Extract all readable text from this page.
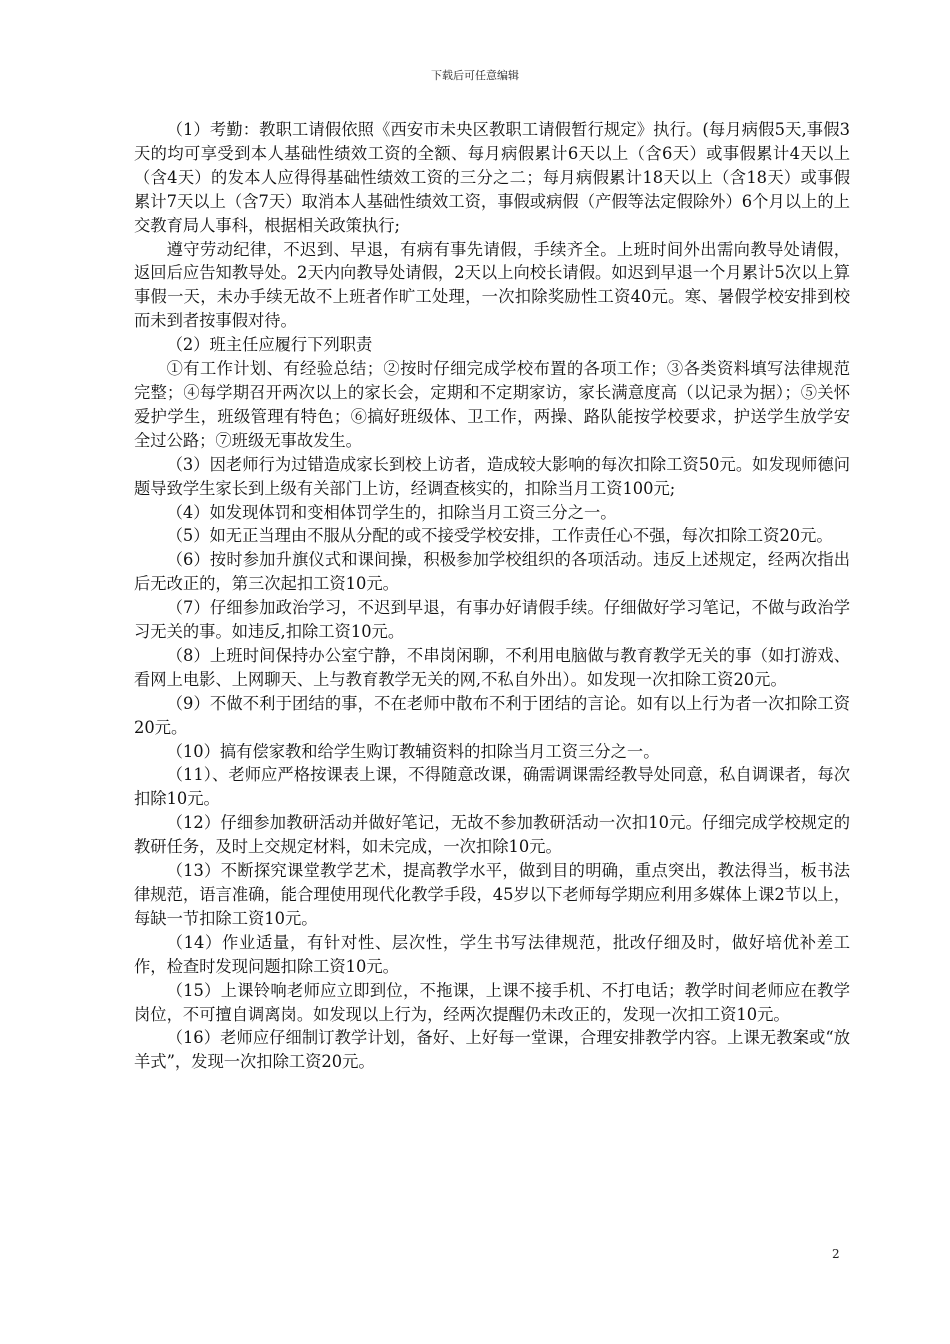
下载后可任意编辑

（1）考勤：教职工请假依照《西安市未央区教职工请假暂行规定》执行。(每月病假5天,事假3天的均可享受到本人基础性绩效工资的全额、每月病假累计6天以上（含6天）或事假累计4天以上（含4天）的发本人应得得基础性绩效工资的三分之二；每月病假累计18天以上（含18天）或事假累计7天以上（含7天）取消本人基础性绩效工资，事假或病假（产假等法定假除外）6个月以上的上交教育局人事科，根据相关政策执行;

遵守劳动纪律，不迟到、早退，有病有事先请假，手续齐全。上班时间外出需向教导处请假，返回后应告知教导处。2天内向教导处请假，2天以上向校长请假。如迟到早退一个月累计5次以上算事假一天，未办手续无故不上班者作旷工处理，一次扣除奖励性工资40元。寒、暑假学校安排到校而未到者按事假对待。

（2）班主任应履行下列职责

①有工作计划、有经验总结；②按时仔细完成学校布置的各项工作；③各类资料填写法律规范完整；④每学期召开两次以上的家长会，定期和不定期家访，家长满意度高（以记录为据）；⑤关怀爱护学生，班级管理有特色；⑥搞好班级体、卫工作，两操、路队能按学校要求，护送学生放学安全过公路；⑦班级无事故发生。

（3）因老师行为过错造成家长到校上访者，造成较大影响的每次扣除工资50元。如发现师德问题导致学生家长到上级有关部门上访，经调查核实的，扣除当月工资100元;

（4）如发现体罚和变相体罚学生的，扣除当月工资三分之一。

（5）如无正当理由不服从分配的或不接受学校安排，工作责任心不强，每次扣除工资20元。

（6）按时参加升旗仪式和课间操，积极参加学校组织的各项活动。违反上述规定，经两次指出后无改正的，第三次起扣工资10元。

（7）仔细参加政治学习，不迟到早退，有事办好请假手续。仔细做好学习笔记，不做与政治学习无关的事。如违反,扣除工资10元。

（8）上班时间保持办公室宁静，不串岗闲聊，不利用电脑做与教育教学无关的事（如打游戏、看网上电影、上网聊天、上与教育教学无关的网,不私自外出）。如发现一次扣除工资20元。

（9）不做不利于团结的事，不在老师中散布不利于团结的言论。如有以上行为者一次扣除工资20元。

（10）搞有偿家教和给学生购订教辅资料的扣除当月工资三分之一。

（11）、老师应严格按课表上课，不得随意改课，确需调课需经教导处同意，私自调课者，每次扣除10元。

（12）仔细参加教研活动并做好笔记，无故不参加教研活动一次扣10元。仔细完成学校规定的教研任务，及时上交规定材料，如未完成，一次扣除10元。

（13）不断探究课堂教学艺术，提高教学水平，做到目的明确，重点突出，教法得当，板书法律规范，语言准确，能合理使用现代化教学手段，45岁以下老师每学期应利用多媒体上课2节以上，每缺一节扣除工资10元。

（14）作业适量，有针对性、层次性，学生书写法律规范，批改仔细及时，做好培优补差工作，检查时发现问题扣除工资10元。

（15）上课铃响老师应立即到位，不拖课，上课不接手机、不打电话；教学时间老师应在教学岗位，不可擅自调离岗。如发现以上行为，经两次提醒仍未改正的，发现一次扣工资10元。

（16）老师应仔细制订教学计划，备好、上好每一堂课，合理安排教学内容。上课无教案或“放羊式”，发现一次扣除工资20元。

2
